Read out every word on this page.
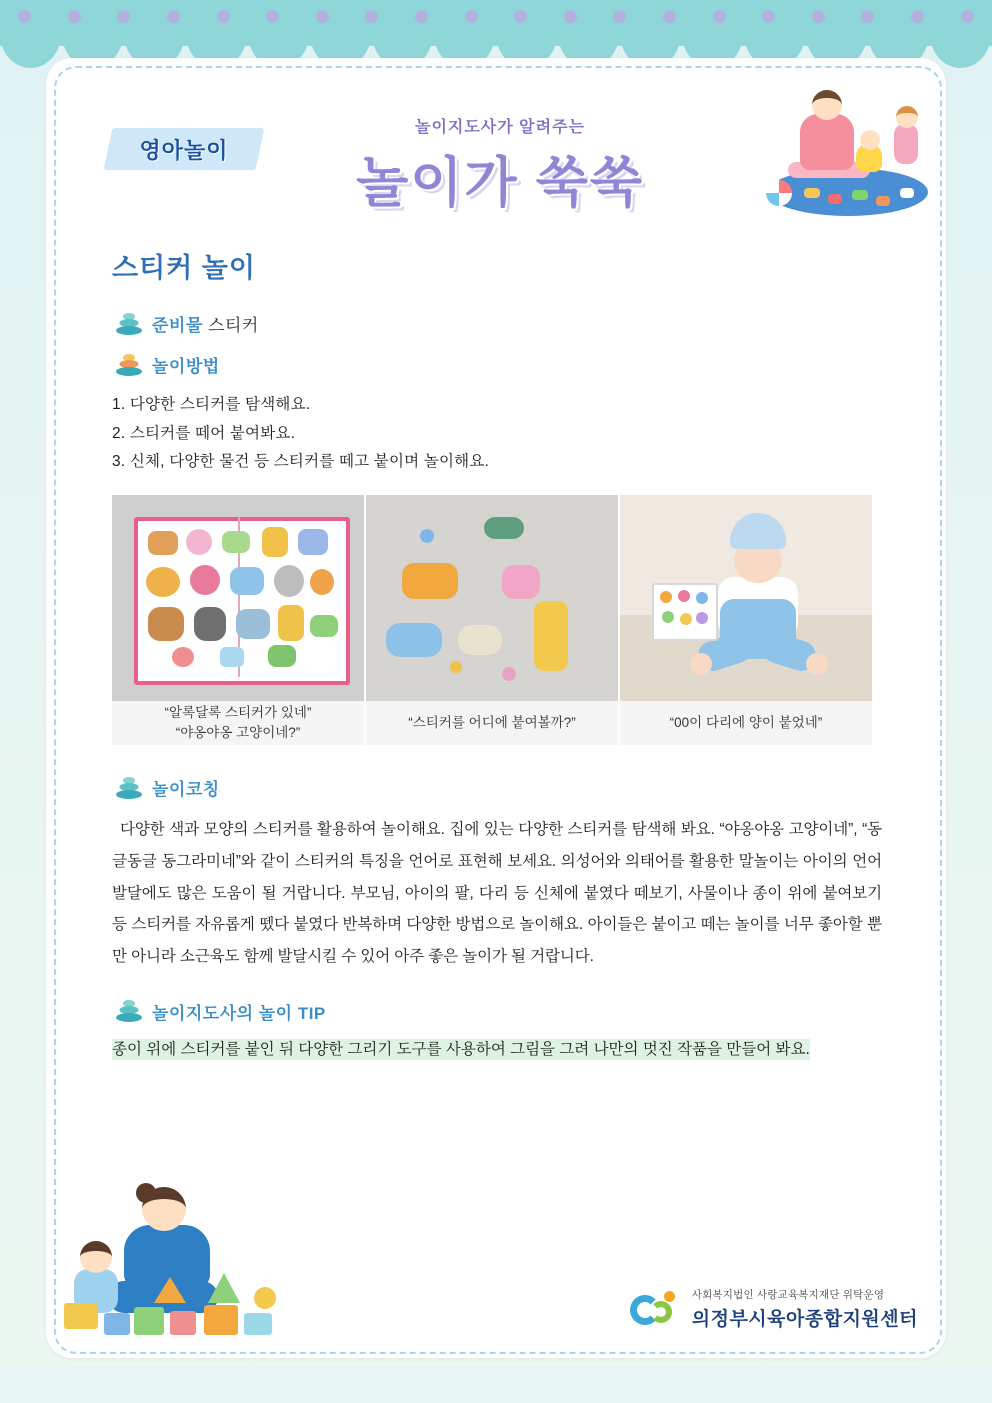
영아놀이
놀이지도사가 알려주는
놀이가 쑥쑥
스티커 놀이
준비물 스티커
놀이방법
1. 다양한 스티커를 탐색해요.
2. 스티커를 떼어 붙여봐요.
3. 신체, 다양한 물건 등 스티커를 떼고 붙이며 놀이해요.
“알록달록 스티커가 있네”
“야옹야옹 고양이네?”
“스티커를 어디에 붙여볼까?”	“00이 다리에 양이 붙었네”
놀이코칭

다양한 색과 모양의 스티커를 활용하여 놀이해요. 집에 있는 다양한 스티커를 탐색해 봐요. “야옹야옹 고양이네”, “동글동글 동그라미네”와 같이 스티커의 특징을 언어로 표현해 보세요. 의성어와 의태어를 활용한 말놀이는 아이의 언어발달에도 많은 도움이 될 거랍니다. 부모님, 아이의 팔, 다리 등 신체에 붙였다 떼보기, 사물이나 종이 위에 붙여보기 등 스티커를 자유롭게 뗐다 붙였다 반복하며 다양한 방법으로 놀이해요. 아이들은 붙이고 떼는 놀이를 너무 좋아할 뿐만 아니라 소근육도 함께 발달시킬 수 있어 아주 좋은 놀이가 될 거랍니다.

놀이지도사의 놀이 TIP

종이 위에 스티커를 붙인 뒤 다양한 그리기 도구를 사용하여 그림을 그려 나만의 멋진 작품을 만들어 봐요.

사회복지법인 사랑교육복지재단 위탁운영
의정부시육아종합지원센터
